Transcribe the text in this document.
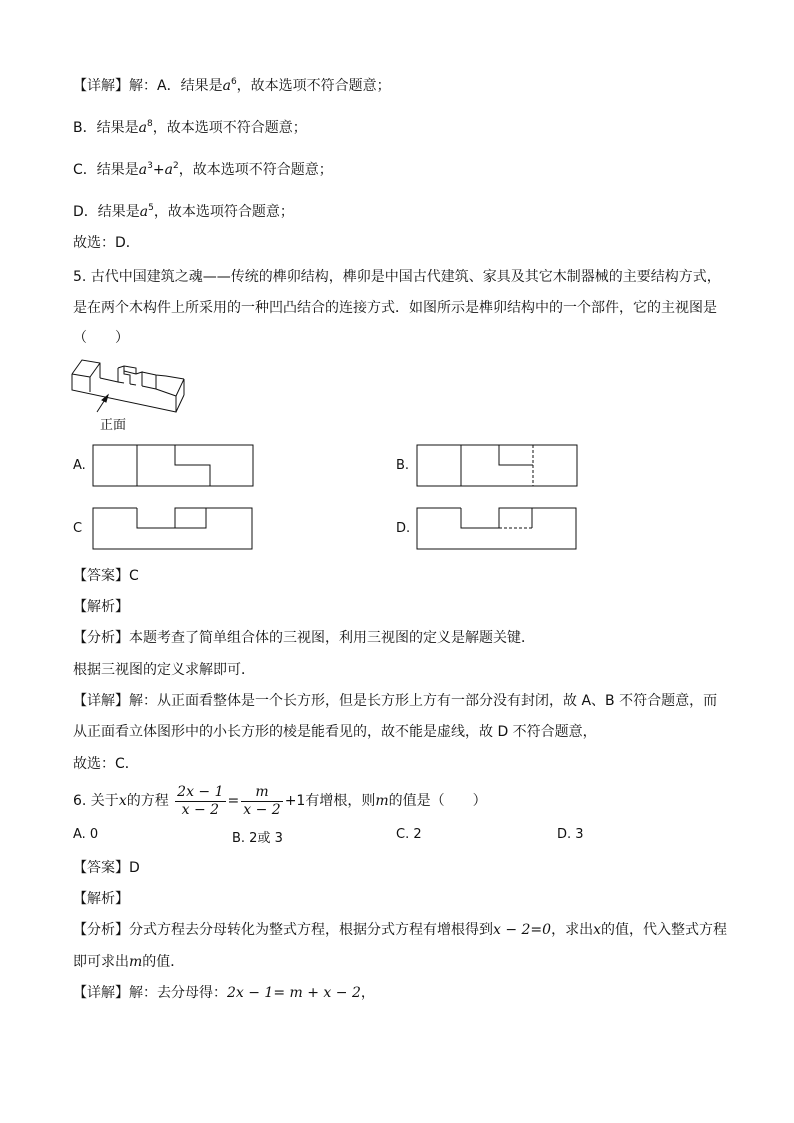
【详解】解：A．结果是$a^6$，故本选项不符合题意；
B．结果是$a^8$，故本选项不符合题意；
C．结果是$a^3+a^2$，故本选项不符合题意；
D．结果是$a^5$，故本选项符合题意；
故选：D．
5. 古代中国建筑之魂——传统的榫卯结构，榫卯是中国古代建筑、家具及其它木制器械的主要结构方式，
是在两个木构件上所采用的一种凹凸结合的连接方式．如图所示是榫卯结构中的一个部件，它的主视图是
（　　）
正面
A.	B.
C	D.
【答案】C
【解析】
【分析】本题考查了简单组合体的三视图，利用三视图的定义是解题关键．
根据三视图的定义求解即可．
【详解】解：从正面看整体是一个长方形，但是长方形上方有一部分没有封闭，故 A、B 不符合题意，而
从正面看立体图形中的小长方形的棱是能看见的，故不能是虚线，故 D 不符合题意，
故选：C．
6. 关于x的方程 $\frac{2x - 1}{x - 2} = \frac{m}{x - 2} +1$有增根，则m的值是（　　）
A. 0	B. 2或 3	C. 2	D. 3
【答案】D
【解析】
【分析】分式方程去分母转化为整式方程，根据分式方程有增根得到x − 2=0，求出x的值，代入整式方程
即可求出m的值．
【详解】解：去分母得：2x − 1= m + x − 2，
